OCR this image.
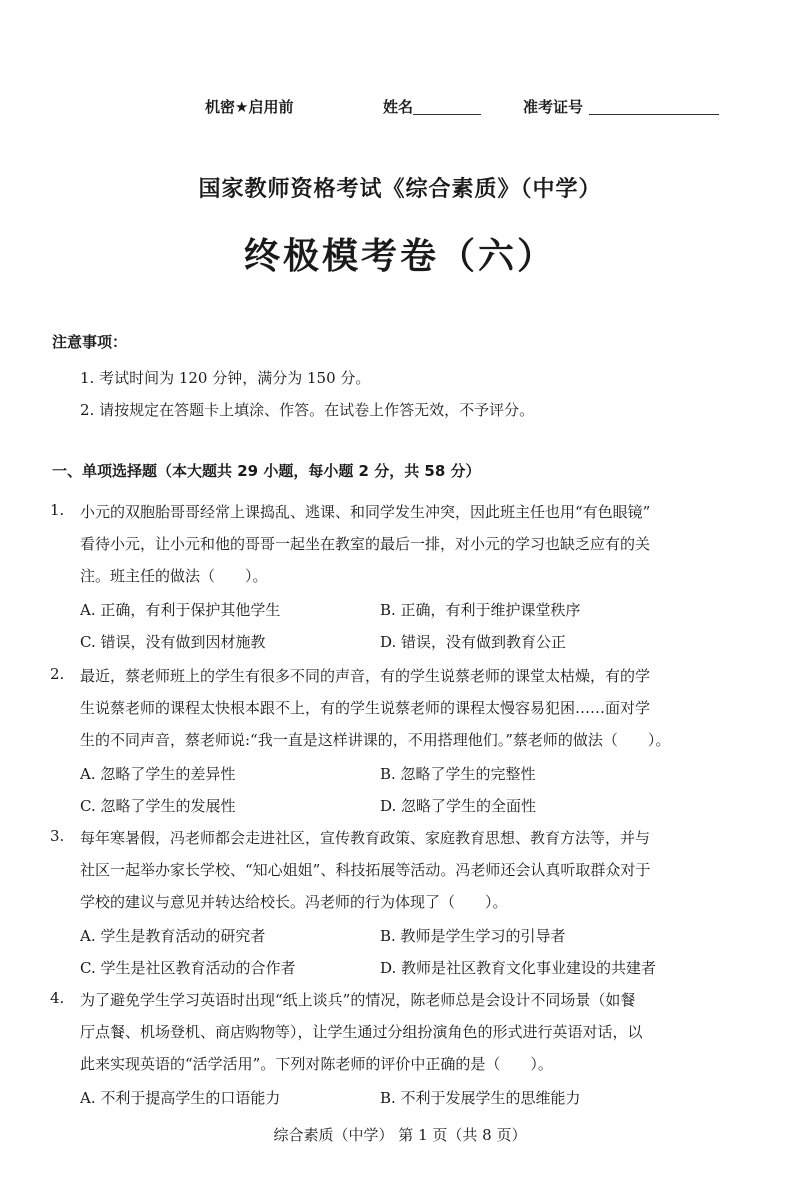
机密★启用前	姓名	准考证号
国家教师资格考试《综合素质》（中学）
终极模考卷（六）
注意事项：
1. 考试时间为 120 分钟，满分为 150 分。
2. 请按规定在答题卡上填涂、作答。在试卷上作答无效，不予评分。
一、单项选择题（本大题共 29 小题，每小题 2 分，共 58 分）
1. 小元的双胞胎哥哥经常上课捣乱、逃课、和同学发生冲突，因此班主任也用“有色眼镜”
看待小元，让小元和他的哥哥一起坐在教室的最后一排，对小元的学习也缺乏应有的关
注。班主任的做法（　　）。
A. 正确，有利于保护其他学生	B. 正确，有利于维护课堂秩序
C. 错误，没有做到因材施教	D. 错误，没有做到教育公正
2. 最近，蔡老师班上的学生有很多不同的声音，有的学生说蔡老师的课堂太枯燥，有的学
生说蔡老师的课程太快根本跟不上，有的学生说蔡老师的课程太慢容易犯困……面对学
生的不同声音，蔡老师说:“我一直是这样讲课的，不用搭理他们。”蔡老师的做法（　　）。
A. 忽略了学生的差异性	B. 忽略了学生的完整性
C. 忽略了学生的发展性	D. 忽略了学生的全面性
3. 每年寒暑假，冯老师都会走进社区，宣传教育政策、家庭教育思想、教育方法等，并与
社区一起举办家长学校、“知心姐姐”、科技拓展等活动。冯老师还会认真听取群众对于
学校的建议与意见并转达给校长。冯老师的行为体现了（　　）。
A. 学生是教育活动的研究者	B. 教师是学生学习的引导者
C. 学生是社区教育活动的合作者	D. 教师是社区教育文化事业建设的共建者
4. 为了避免学生学习英语时出现“纸上谈兵”的情况，陈老师总是会设计不同场景（如餐
厅点餐、机场登机、商店购物等），让学生通过分组扮演角色的形式进行英语对话，以
此来实现英语的“活学活用”。下列对陈老师的评价中正确的是（　　）。
A. 不利于提高学生的口语能力	B. 不利于发展学生的思维能力
综合素质（中学） 第 1 页（共 8 页）
